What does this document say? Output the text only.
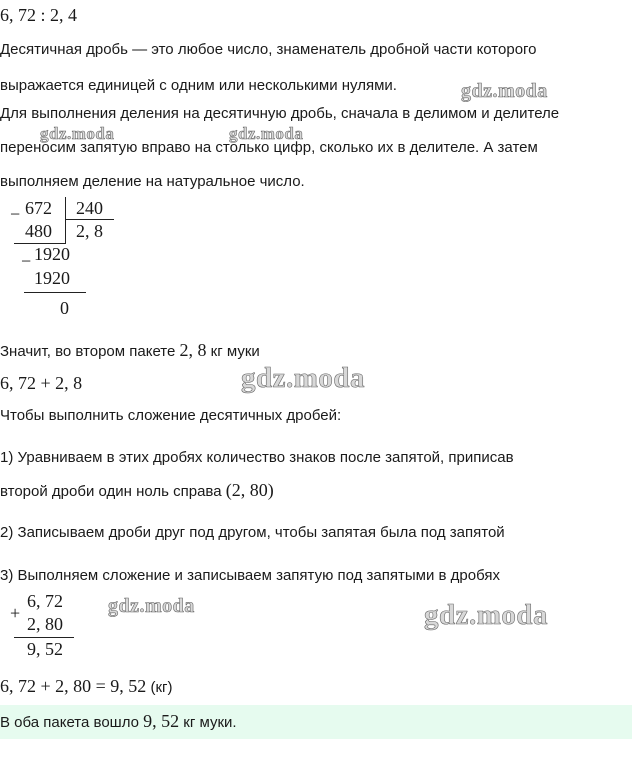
6, 72 : 2, 4
Десятичная дробь — это любое число, знаменатель дробной части которого
выражается единицей с одним или несколькими нулями.
Для выполнения деления на десятичную дробь, сначала в делимом и делителе
переносим запятую вправо на столько цифр, сколько их в делителе. А затем
выполняем деление на натуральное число.
− 672 240
480 2, 8
− 1920
1920
0
Значит, во втором пакете 2, 8 кг муки
6, 72 + 2, 8
Чтобы выполнить сложение десятичных дробей:
1) Уравниваем в этих дробях количество знаков после запятой, приписав
второй дроби один ноль справа (2, 80)
2) Записываем дроби друг под другом, чтобы запятая была под запятой
3) Выполняем сложение и записываем запятую под запятыми в дробях
+
6, 72
2, 80
9, 52
6, 72 + 2, 80 = 9, 52 (кг)
В оба пакета вошло 9, 52 кг муки.
gdz.moda
gdz.moda	gdz.moda
gdz.moda
gdz.moda	gdz.moda
